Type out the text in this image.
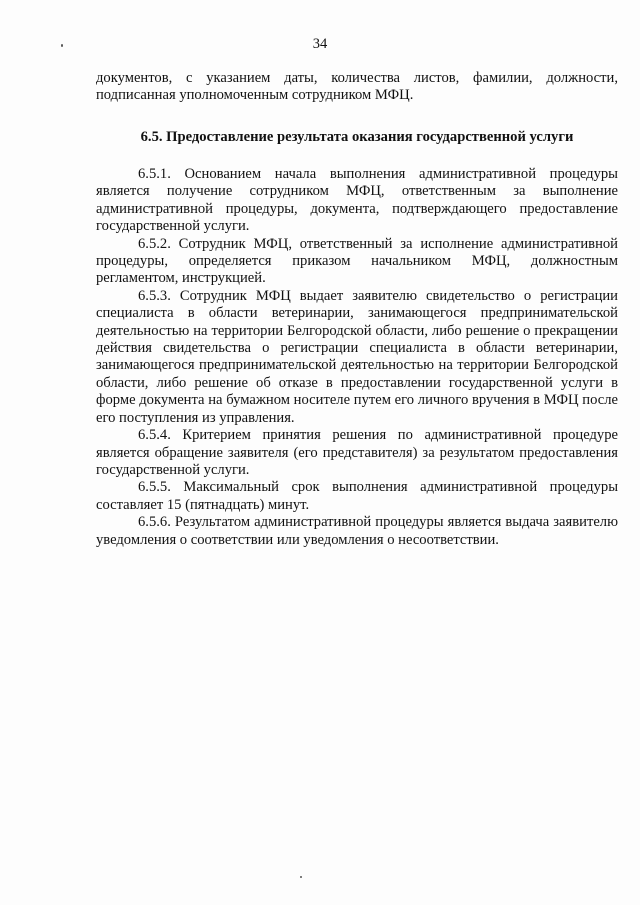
34

документов, с указанием даты, количества листов, фамилии, должности, подписанная уполномоченным сотрудником МФЦ.

6.5. Предоставление результата оказания государственной услуги

6.5.1. Основанием начала выполнения административной процедуры является получение сотрудником МФЦ, ответственным за выполнение административной процедуры, документа, подтверждающего предоставление государственной услуги.

6.5.2. Сотрудник МФЦ, ответственный за исполнение административной процедуры, определяется приказом начальником МФЦ, должностным регламентом, инструкцией.

6.5.3. Сотрудник МФЦ выдает заявителю свидетельство о регистрации специалиста в области ветеринарии, занимающегося предпринимательской деятельностью на территории Белгородской области, либо решение о прекращении действия свидетельства о регистрации специалиста в области ветеринарии, занимающегося предпринимательской деятельностью на территории Белгородской области, либо решение об отказе в предоставлении государственной услуги в форме документа на бумажном носителе путем его личного вручения в МФЦ после его поступления из управления.

6.5.4. Критерием принятия решения по административной процедуре является обращение заявителя (его представителя) за результатом предоставления государственной услуги.

6.5.5. Максимальный срок выполнения административной процедуры составляет 15 (пятнадцать) минут.

6.5.6. Результатом административной процедуры является выдача заявителю уведомления о соответствии или уведомления о несоответствии.
